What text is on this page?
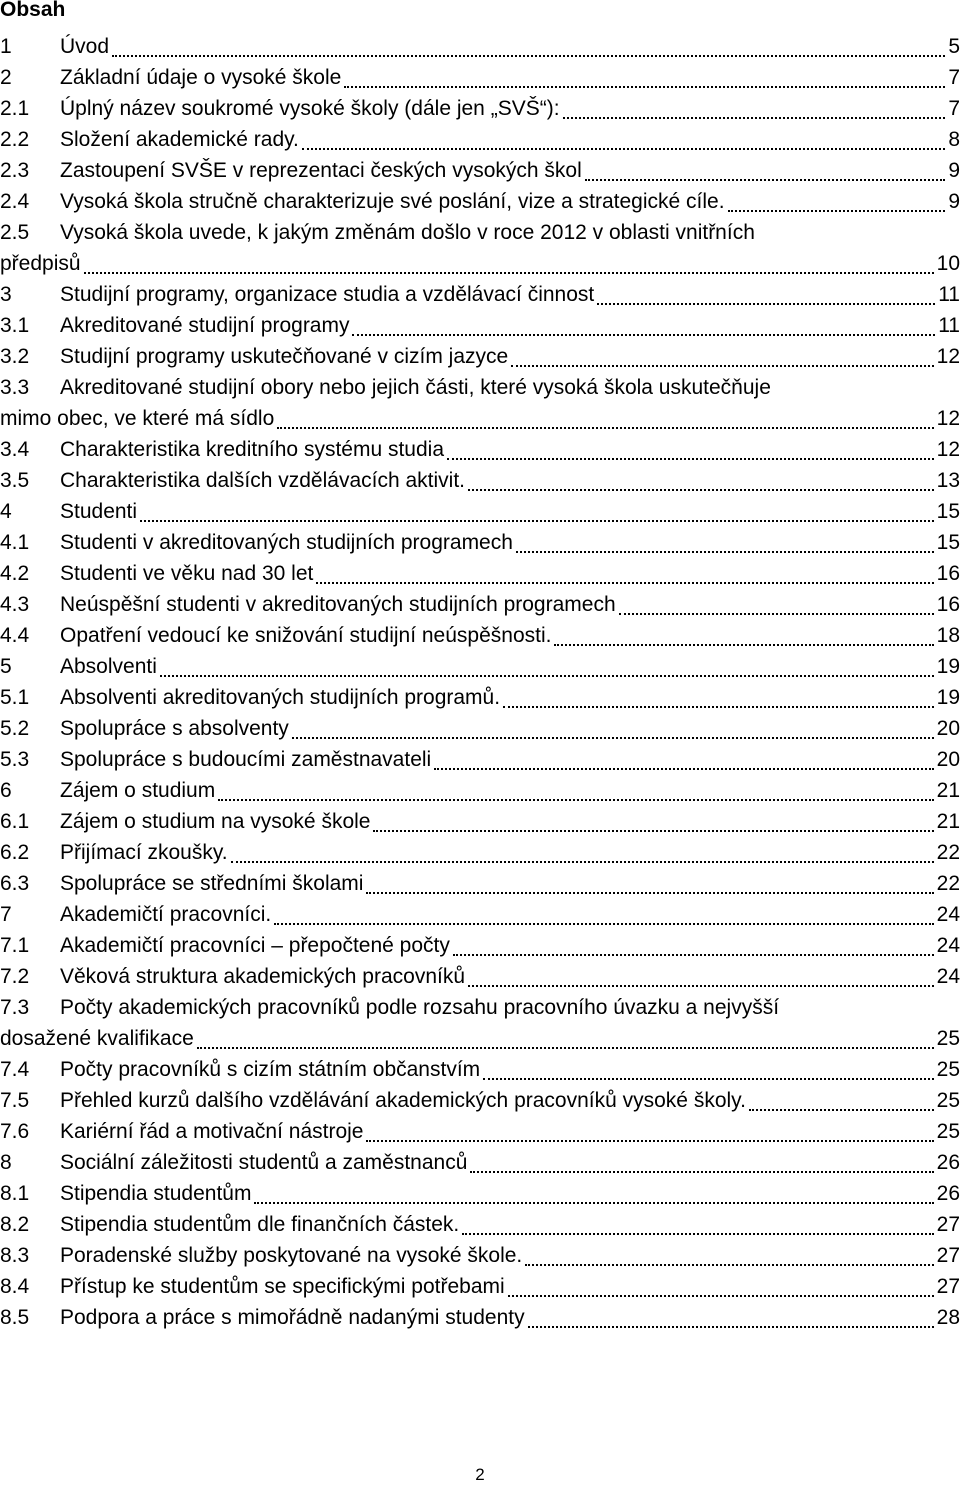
Obsah
1	Úvod	5
2	Základní údaje o vysoké škole	7
2.1	Úplný název soukromé vysoké školy (dále jen „SVŠ“):	7
2.2	Složení akademické rady.	8
2.3	Zastoupení SVŠE v reprezentaci českých vysokých škol	9
2.4	Vysoká škola stručně charakterizuje své poslání, vize a strategické cíle.	9
2.5	Vysoká škola uvede, k jakým změnám došlo v roce 2012 v oblasti vnitřních
předpisů	10
3	Studijní programy, organizace studia a vzdělávací činnost	11
3.1	Akreditované studijní programy	11
3.2	Studijní programy uskutečňované v cizím jazyce	12
3.3	Akreditované studijní obory nebo jejich části, které vysoká škola uskutečňuje
mimo obec, ve které má sídlo	12
3.4	Charakteristika kreditního systému studia	12
3.5	Charakteristika dalších vzdělávacích aktivit.	13
4	Studenti	15
4.1	Studenti v akreditovaných studijních programech	15
4.2	Studenti ve věku nad 30 let	16
4.3	Neúspěšní studenti v akreditovaných studijních programech	16
4.4	Opatření vedoucí ke snižování studijní neúspěšnosti.	18
5	Absolventi	19
5.1	Absolventi akreditovaných studijních programů.	19
5.2	Spolupráce s absolventy	20
5.3	Spolupráce s budoucími zaměstnavateli	20
6	Zájem o studium	21
6.1	Zájem o studium na vysoké škole	21
6.2	Přijímací zkoušky.	22
6.3	Spolupráce se středními školami	22
7	Akademičtí pracovníci.	24
7.1	Akademičtí pracovníci – přepočtené počty	24
7.2	Věková struktura akademických pracovníků	24
7.3	Počty akademických pracovníků podle rozsahu pracovního úvazku a nejvyšší
dosažené kvalifikace	25
7.4	Počty pracovníků s cizím státním občanstvím	25
7.5	Přehled kurzů dalšího vzdělávání akademických pracovníků vysoké školy.	25
7.6	Kariérní řád a motivační nástroje	25
8	Sociální záležitosti studentů a zaměstnanců	26
8.1	Stipendia studentům	26
8.2	Stipendia studentům dle finančních částek.	27
8.3	Poradenské služby poskytované na vysoké škole.	27
8.4	Přístup ke studentům se specifickými potřebami	27
8.5	Podpora a práce s mimořádně nadanými studenty	28
2
